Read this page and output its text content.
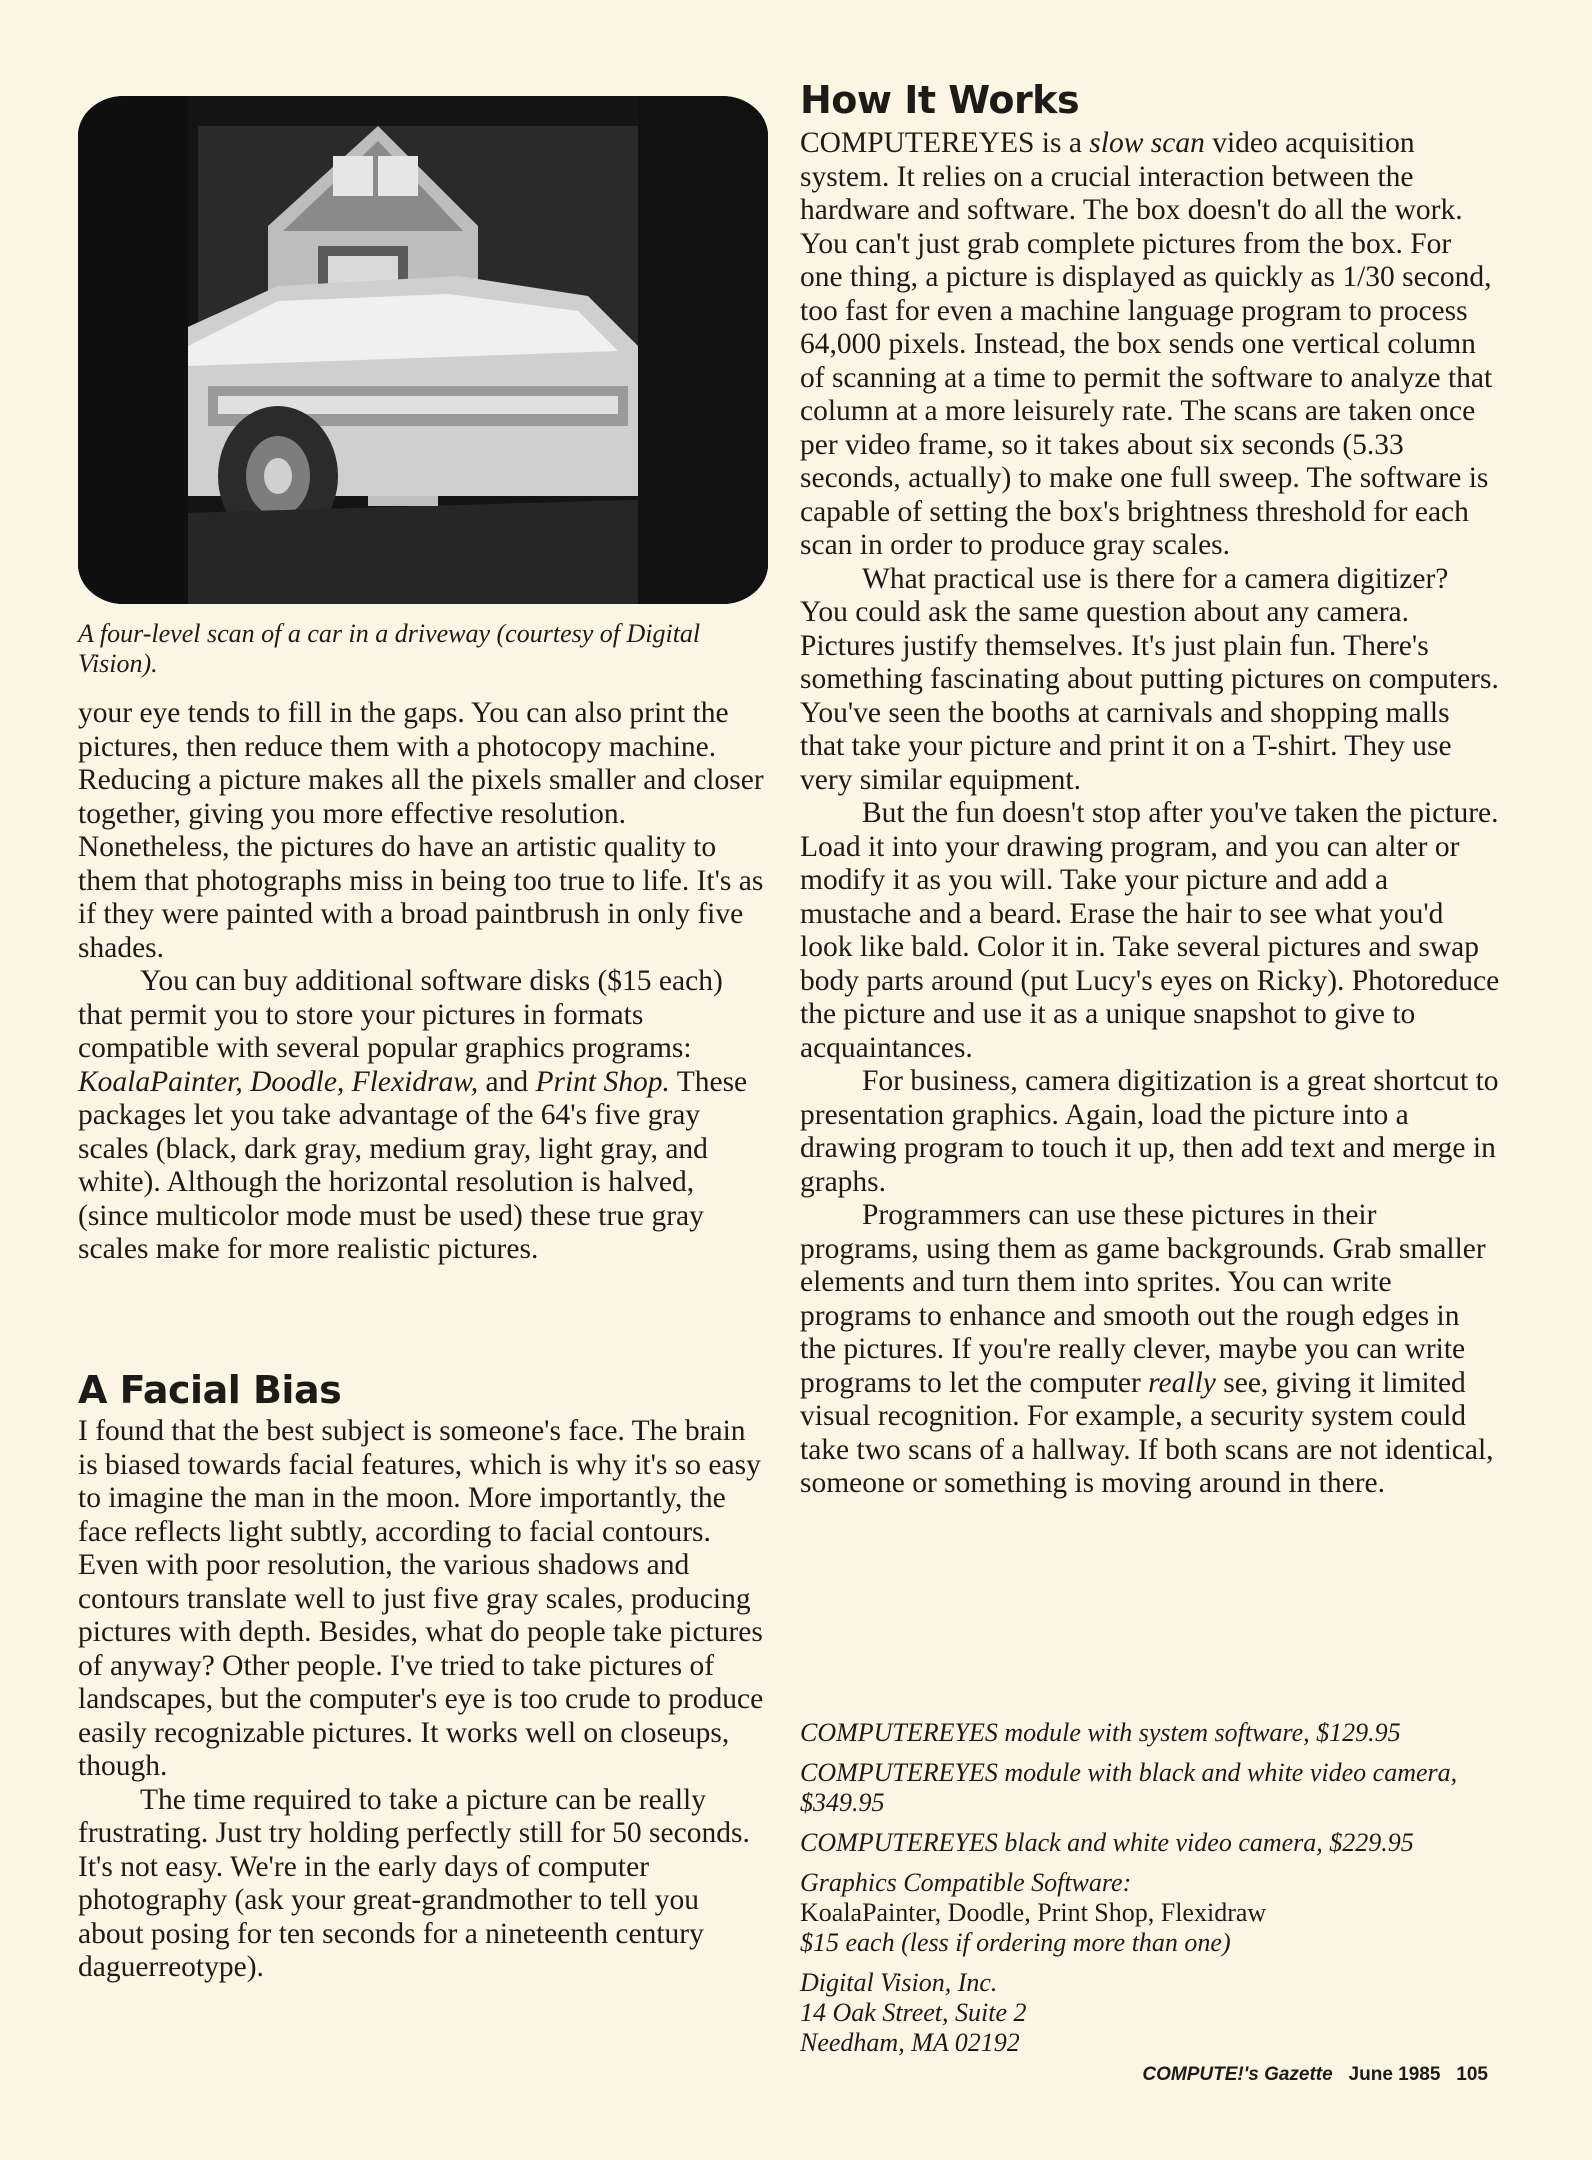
A four-level scan of a car in a driveway (courtesy of Digital Vision).

your eye tends to fill in the gaps. You can also print the pictures, then reduce them with a photocopy machine. Reducing a picture makes all the pixels smaller and closer together, giving you more effective resolution. Nonetheless, the pictures do have an artistic quality to them that photographs miss in being too true to life. It's as if they were painted with a broad paintbrush in only five shades.

You can buy additional software disks ($15 each) that permit you to store your pictures in formats compatible with several popular graphics programs: KoalaPainter, Doodle, Flexidraw, and Print Shop. These packages let you take advantage of the 64's five gray scales (black, dark gray, medium gray, light gray, and white). Although the horizontal resolution is halved, (since multicolor mode must be used) these true gray scales make for more realistic pictures.

A Facial Bias

I found that the best subject is someone's face. The brain is biased towards facial features, which is why it's so easy to imagine the man in the moon. More importantly, the face reflects light subtly, according to facial contours. Even with poor resolution, the various shadows and contours translate well to just five gray scales, producing pictures with depth. Besides, what do people take pictures of anyway? Other people. I've tried to take pictures of landscapes, but the computer's eye is too crude to produce easily recognizable pictures. It works well on closeups, though.

The time required to take a picture can be really frustrating. Just try holding perfectly still for 50 seconds. It's not easy. We're in the early days of computer photography (ask your great-grandmother to tell you about posing for ten seconds for a nineteenth century daguerreotype).

How It Works

COMPUTEREYES is a slow scan video acquisition system. It relies on a crucial interaction between the hardware and software. The box doesn't do all the work. You can't just grab complete pictures from the box. For one thing, a picture is displayed as quickly as 1/30 second, too fast for even a machine language program to process 64,000 pixels. Instead, the box sends one vertical column of scanning at a time to permit the software to analyze that column at a more leisurely rate. The scans are taken once per video frame, so it takes about six seconds (5.33 seconds, actually) to make one full sweep. The software is capable of setting the box's brightness threshold for each scan in order to produce gray scales.

What practical use is there for a camera digitizer? You could ask the same question about any camera. Pictures justify themselves. It's just plain fun. There's something fascinating about putting pictures on computers. You've seen the booths at carnivals and shopping malls that take your picture and print it on a T-shirt. They use very similar equipment.

But the fun doesn't stop after you've taken the picture. Load it into your drawing program, and you can alter or modify it as you will. Take your picture and add a mustache and a beard. Erase the hair to see what you'd look like bald. Color it in. Take several pictures and swap body parts around (put Lucy's eyes on Ricky). Photoreduce the picture and use it as a unique snapshot to give to acquaintances.

For business, camera digitization is a great shortcut to presentation graphics. Again, load the picture into a drawing program to touch it up, then add text and merge in graphs.

Programmers can use these pictures in their programs, using them as game backgrounds. Grab smaller elements and turn them into sprites. You can write programs to enhance and smooth out the rough edges in the pictures. If you're really clever, maybe you can write programs to let the computer really see, giving it limited visual recognition. For example, a security system could take two scans of a hallway. If both scans are not identical, someone or something is moving around in there.

COMPUTEREYES module with system software, $129.95

COMPUTEREYES module with black and white video camera, $349.95

COMPUTEREYES black and white video camera, $229.95

Graphics Compatible Software:

KoalaPainter, Doodle, Print Shop, Flexidraw

$15 each (less if ordering more than one)

Digital Vision, Inc.

14 Oak Street, Suite 2

Needham, MA 02192

COMPUTE!'s Gazette June 1985 105
